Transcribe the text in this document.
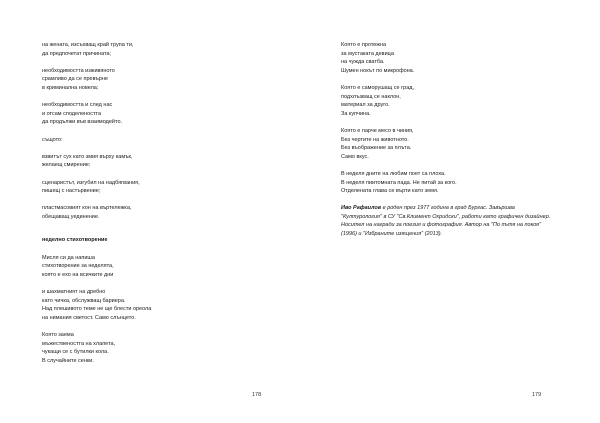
на жената, изсъхващ край трупа ти,
да предпочетат причината;
необходимостта изживяното
срамливо да се превърне
в криминална новела;
необходимостта и след нас
и отсам споделеността
да продължи във взаимодейто.
същото:
взвитът сух като змия върху камък,
желаещ смирение;
сценаристът, изгубил на надбягвания,
пишещ с настървение;
пластмасовият кон на въртележка,
обещаващ уединение.
неделно стихотворение
Мисля си да напиша
стихотворение за неделята,
която е ехо на всичките дни
и шахматният на дребно
като чичка, обслужващ бариера.
Над плешивото теме не ще блести ореола
на нимания светост. Само слънцето.
Която заема
мъжествеността на хлапета,
чукащи се с бутилки кола.
В случайните сенки.
178
Която е протежна
за мустаката девица
на чужда сватба.
Шумен нокът по микрофона.
Която е саморушащ се град,
подхлъзващ се наклон,
материал за друго.
За купчина.
Която е парче месо в чиния,
Без чертите на животното.
Без въображение за плъта.
Само вкус.
В неделя дните на любим поет са плоха.
В неделя пиитомната пада. Не питай за кого.
Отделената глава се върти като земя.

Иво Рафаилов е роден през 1977 година в град Бургас. Завършва "Културология" в СУ "Св.Климент Охридски", работи като графичен дизайнер.

Носител на награди за поезия и фотография. Автор на "По пътя на покоя" (1996) и "Избраните изящения" (2013).

179
